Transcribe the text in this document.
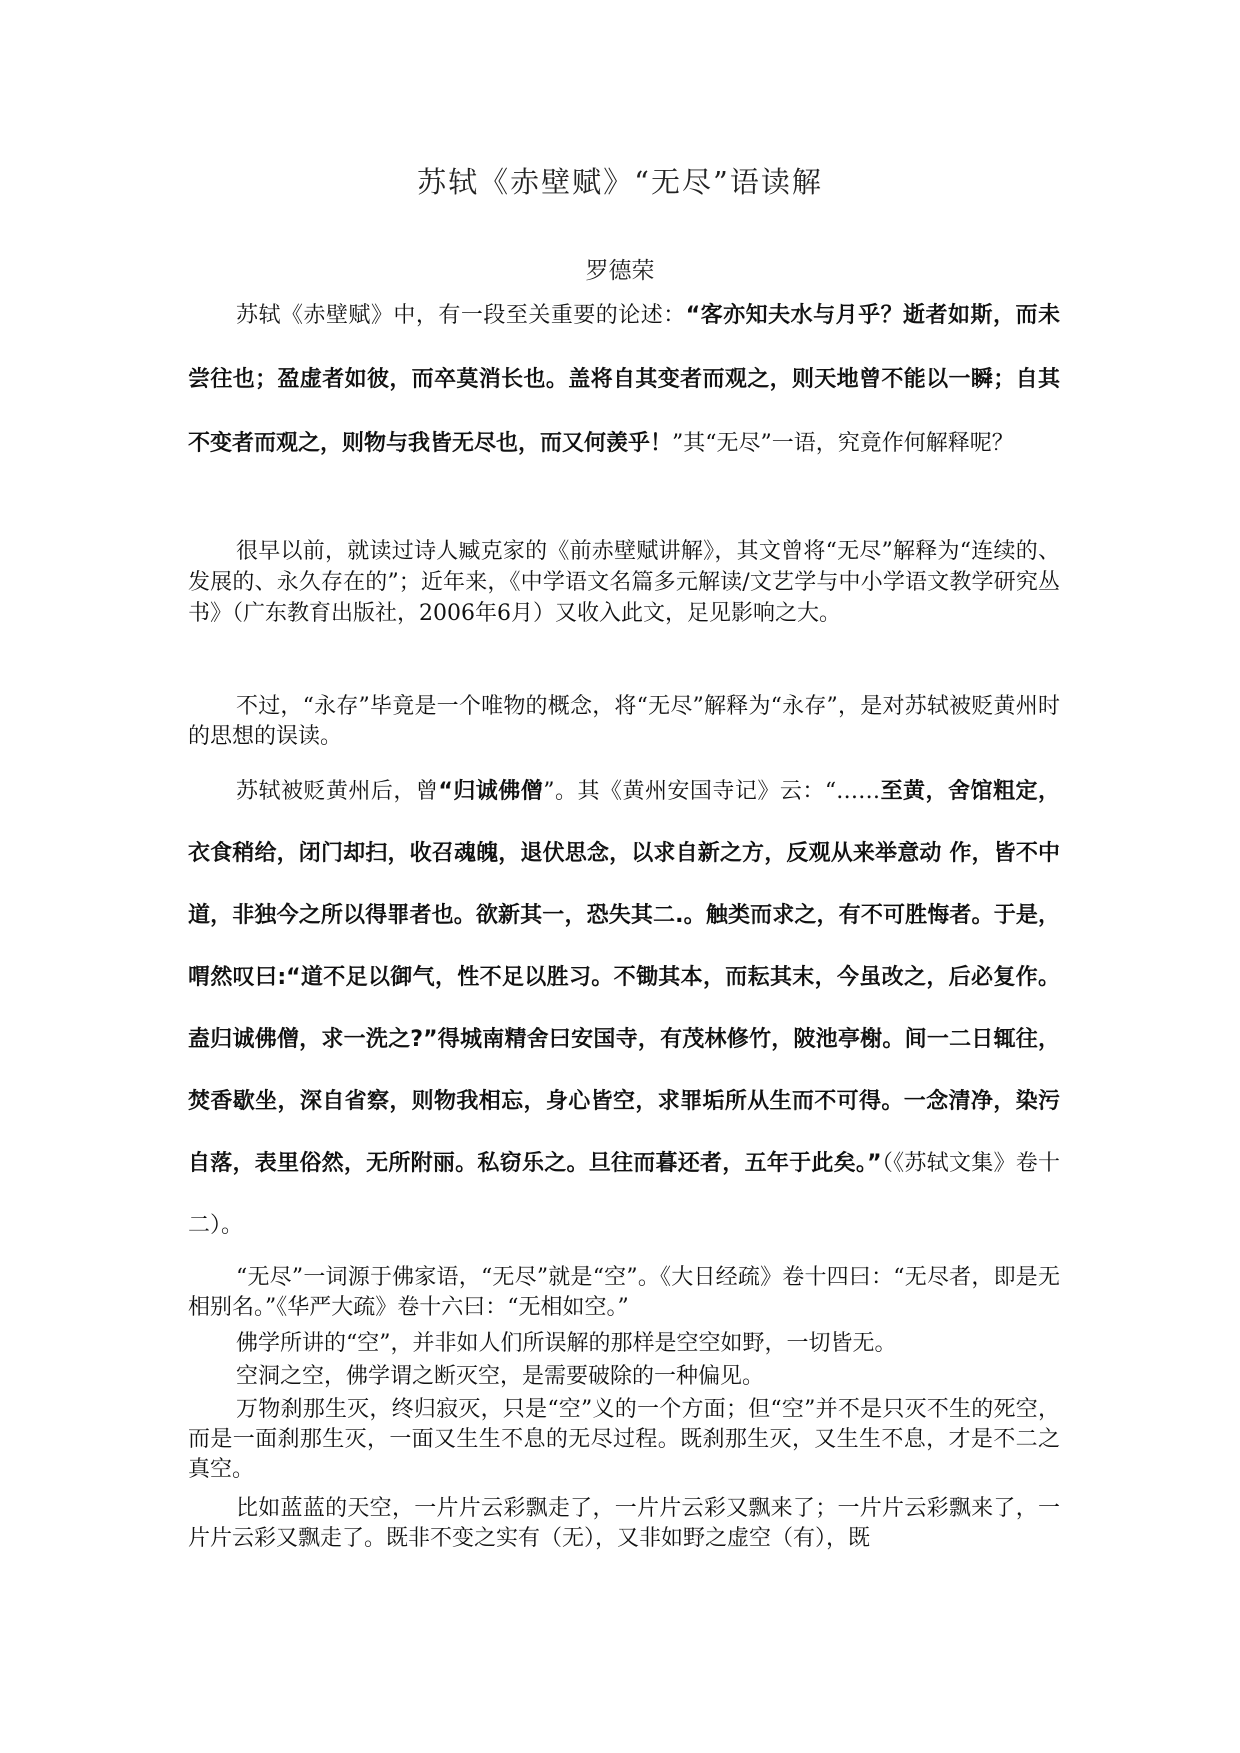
苏轼《赤壁赋》“无尽”语读解
罗德荣

苏轼《赤壁赋》中，有一段至关重要的论述：“客亦知夫水与月乎？逝者如斯，而未尝往也；盈虚者如彼，而卒莫消长也。盖将自其变者而观之，则天地曾不能以一瞬；自其不变者而观之，则物与我皆无尽也，而又何羡乎！”其“无尽”一语，究竟作何解释呢？

很早以前，就读过诗人臧克家的《前赤壁赋讲解》，其文曾将“无尽”解释为“连续的、发展的、永久存在的”；近年来，《中学语文名篇多元解读/文艺学与中小学语文教学研究丛书》（广东教育出版社，2006年6月）又收入此文，足见影响之大。

不过，“永存”毕竟是一个唯物的概念，将“无尽”解释为“永存”，是对苏轼被贬黄州时的思想的误读。

苏轼被贬黄州后，曾“归诚佛僧”。其《黄州安国寺记》云：“……至黄，舍馆粗定，衣食稍给，闭门却扫，收召魂魄，退伏思念，以求自新之方，反观从来举意动 作，皆不中道，非独今之所以得罪者也。欲新其一，恐失其二.。触类而求之，有不可胜悔者。于是，喟然叹曰:“道不足以御气，性不足以胜习。不锄其本，而耘其末，今虽改之，后必复作。盍归诚佛僧，求一洗之?”得城南精舍曰安国寺，有茂林修竹，陂池亭榭。间一二日辄往，焚香歇坐，深自省察，则物我相忘，身心皆空，求罪垢所从生而不可得。一念清净，染污自落，表里俗然，无所附丽。私窃乐之。旦往而暮还者，五年于此矣。”（《苏轼文集》卷十二）。

“无尽”一词源于佛家语，“无尽”就是“空”。《大日经疏》卷十四曰：“无尽者，即是无相别名。”《华严大疏》卷十六曰：“无相如空。”

佛学所讲的“空”，并非如人们所误解的那样是空空如野，一切皆无。

空洞之空，佛学谓之断灭空，是需要破除的一种偏见。

万物刹那生灭，终归寂灭，只是“空”义的一个方面；但“空”并不是只灭不生的死空，而是一面刹那生灭，一面又生生不息的无尽过程。既刹那生灭，又生生不息，才是不二之真空。

比如蓝蓝的天空，一片片云彩飘走了，一片片云彩又飘来了；一片片云彩飘来了，一片片云彩又飘走了。既非不变之实有（无），又非如野之虚空（有），既
